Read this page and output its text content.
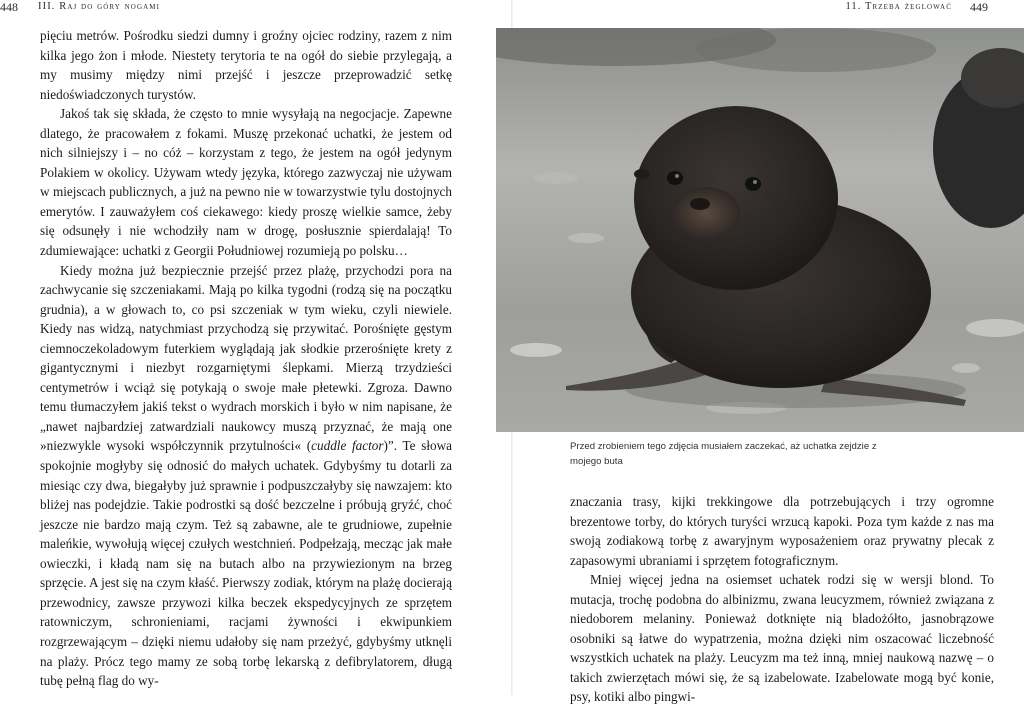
448 III. Raj do góry nogami

pięciu metrów. Pośrodku siedzi dumny i groźny ojciec rodziny, razem z nim kilka jego żon i młode. Niestety terytoria te na ogół do siebie przylegają, a my musimy między nimi przejść i jeszcze przeprowadzić setkę niedoświadczonych turystów.

Jakoś tak się składa, że często to mnie wysyłają na negocjacje. Zapewne dlatego, że pracowałem z fokami. Muszę przekonać uchatki, że jestem od nich silniejszy i – no cóż – korzystam z tego, że jestem na ogół jedynym Polakiem w okolicy. Używam wtedy języka, którego zazwyczaj nie używam w miejscach publicznych, a już na pewno nie w towarzystwie tylu dostojnych emerytów. I zauważyłem coś ciekawego: kiedy proszę wielkie samce, żeby się odsunęły i nie wchodziły nam w drogę, posłusznie spierdalają! To zdumiewające: uchatki z Georgii Południowej rozumieją po polsku…

Kiedy można już bezpiecznie przejść przez plażę, przychodzi pora na zachwycanie się szczeniakami. Mają po kilka tygodni (rodzą się na początku grudnia), a w głowach to, co psi szczeniak w tym wieku, czyli niewiele. Kiedy nas widzą, natychmiast przychodzą się przywitać. Porośnięte gęstym ciemnoczekoladowym futerkiem wyglądają jak słodkie przerośnięte krety z gigantycznymi i niezbyt rozgarniętymi ślepkami. Mierzą trzydzieści centymetrów i wciąż się potykają o swoje małe płetewki. Zgroza. Dawno temu tłumaczyłem jakiś tekst o wydrach morskich i było w nim napisane, że „nawet najbardziej zatwardziali naukowcy muszą przyznać, że mają one »niezwykle wysoki współczynnik przytulności« (cuddle factor)”. Te słowa spokojnie mogłyby się odnosić do małych uchatek. Gdybyśmy tu dotarli za miesiąc czy dwa, biegałyby już sprawnie i podpuszczałyby się nawzajem: kto bliżej nas podejdzie. Takie podrostki są dość bezczelne i próbują gryźć, choć jeszcze nie bardzo mają czym. Też są zabawne, ale te grudniowe, zupełnie maleńkie, wywołują więcej czułych westchnień. Podpełzają, mecząc jak małe owieczki, i kładą nam się na butach albo na przywiezionym na brzeg sprzęcie. A jest się na czym kłaść. Pierwszy zodiak, którym na plażę docierają przewodnicy, zawsze przywozi kilka beczek ekspedycyjnych ze sprzętem ratowniczym, schronieniami, racjami żywności i ekwipunkiem rozgrzewającym – dzięki niemu udałoby się nam przeżyć, gdybyśmy utknęli na plaży. Prócz tego mamy ze sobą torbę lekarską z defibrylatorem, długą tubę pełną flag do wy-

11. Trzeba żeglować 449
Przed zrobieniem tego zdjęcia musiałem zaczekać, aż uchatka zejdzie z mojego buta

znaczania trasy, kijki trekkingowe dla potrzebujących i trzy ogromne brezentowe torby, do których turyści wrzucą kapoki. Poza tym każde z nas ma swoją zodiakową torbę z awaryjnym wyposażeniem oraz prywatny plecak z zapasowymi ubraniami i sprzętem fotograficznym.

Mniej więcej jedna na osiemset uchatek rodzi się w wersji blond. To mutacja, trochę podobna do albinizmu, zwana leucyzmem, również związana z niedoborem melaniny. Ponieważ dotknięte nią bladożółto, jasnobrązowe osobniki są łatwe do wypatrzenia, można dzięki nim oszacować liczebność wszystkich uchatek na plaży. Leucyzm ma też inną, mniej naukową nazwę – o takich zwierzętach mówi się, że są izabelowate. Izabelowate mogą być konie, psy, kotiki albo pingwi-
